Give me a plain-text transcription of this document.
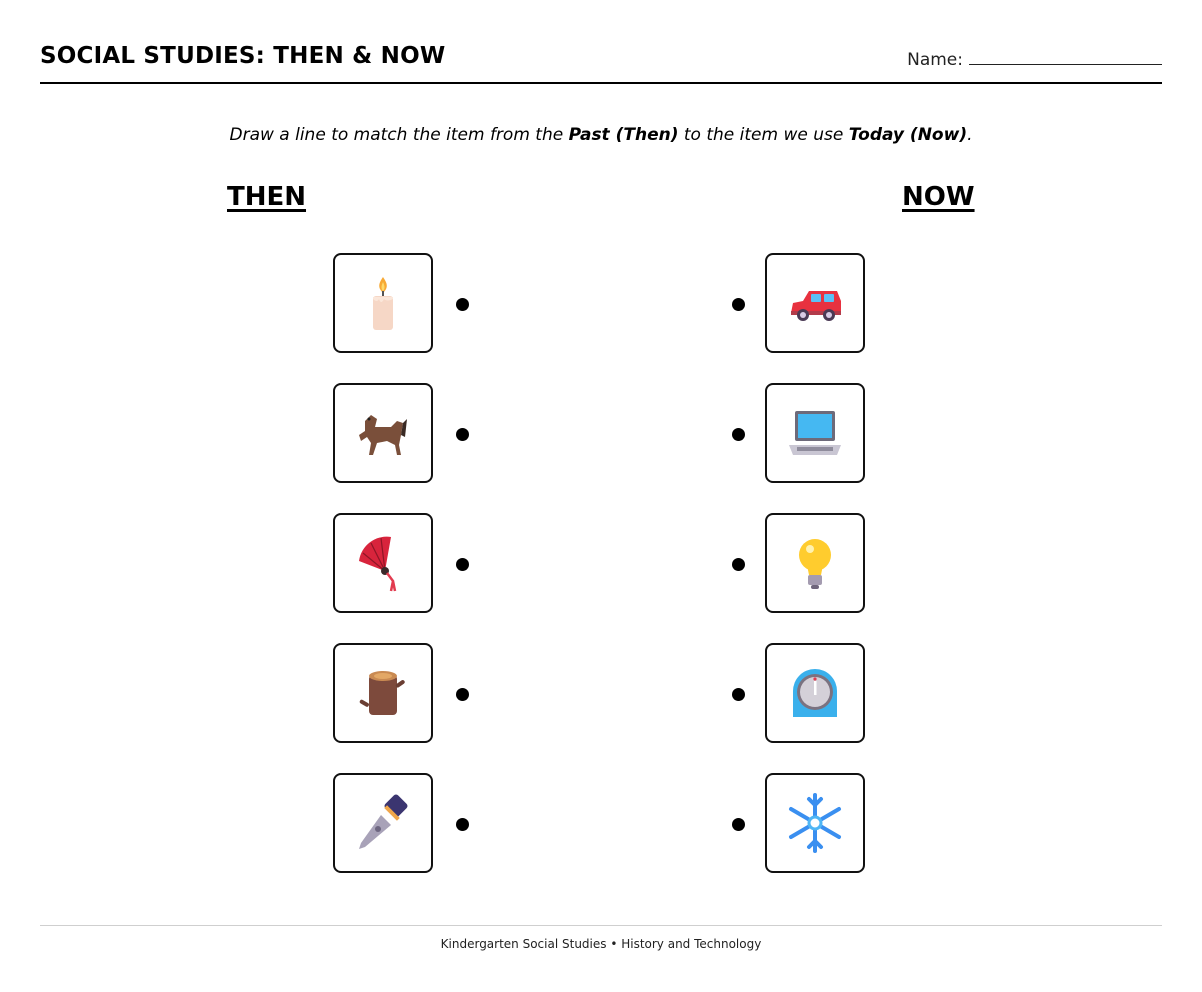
SOCIAL STUDIES: THEN & NOW	Name:
Draw a line to match the item from the Past (Then) to the item we use Today (Now).
THEN	NOW
Kindergarten Social Studies • History and Technology
